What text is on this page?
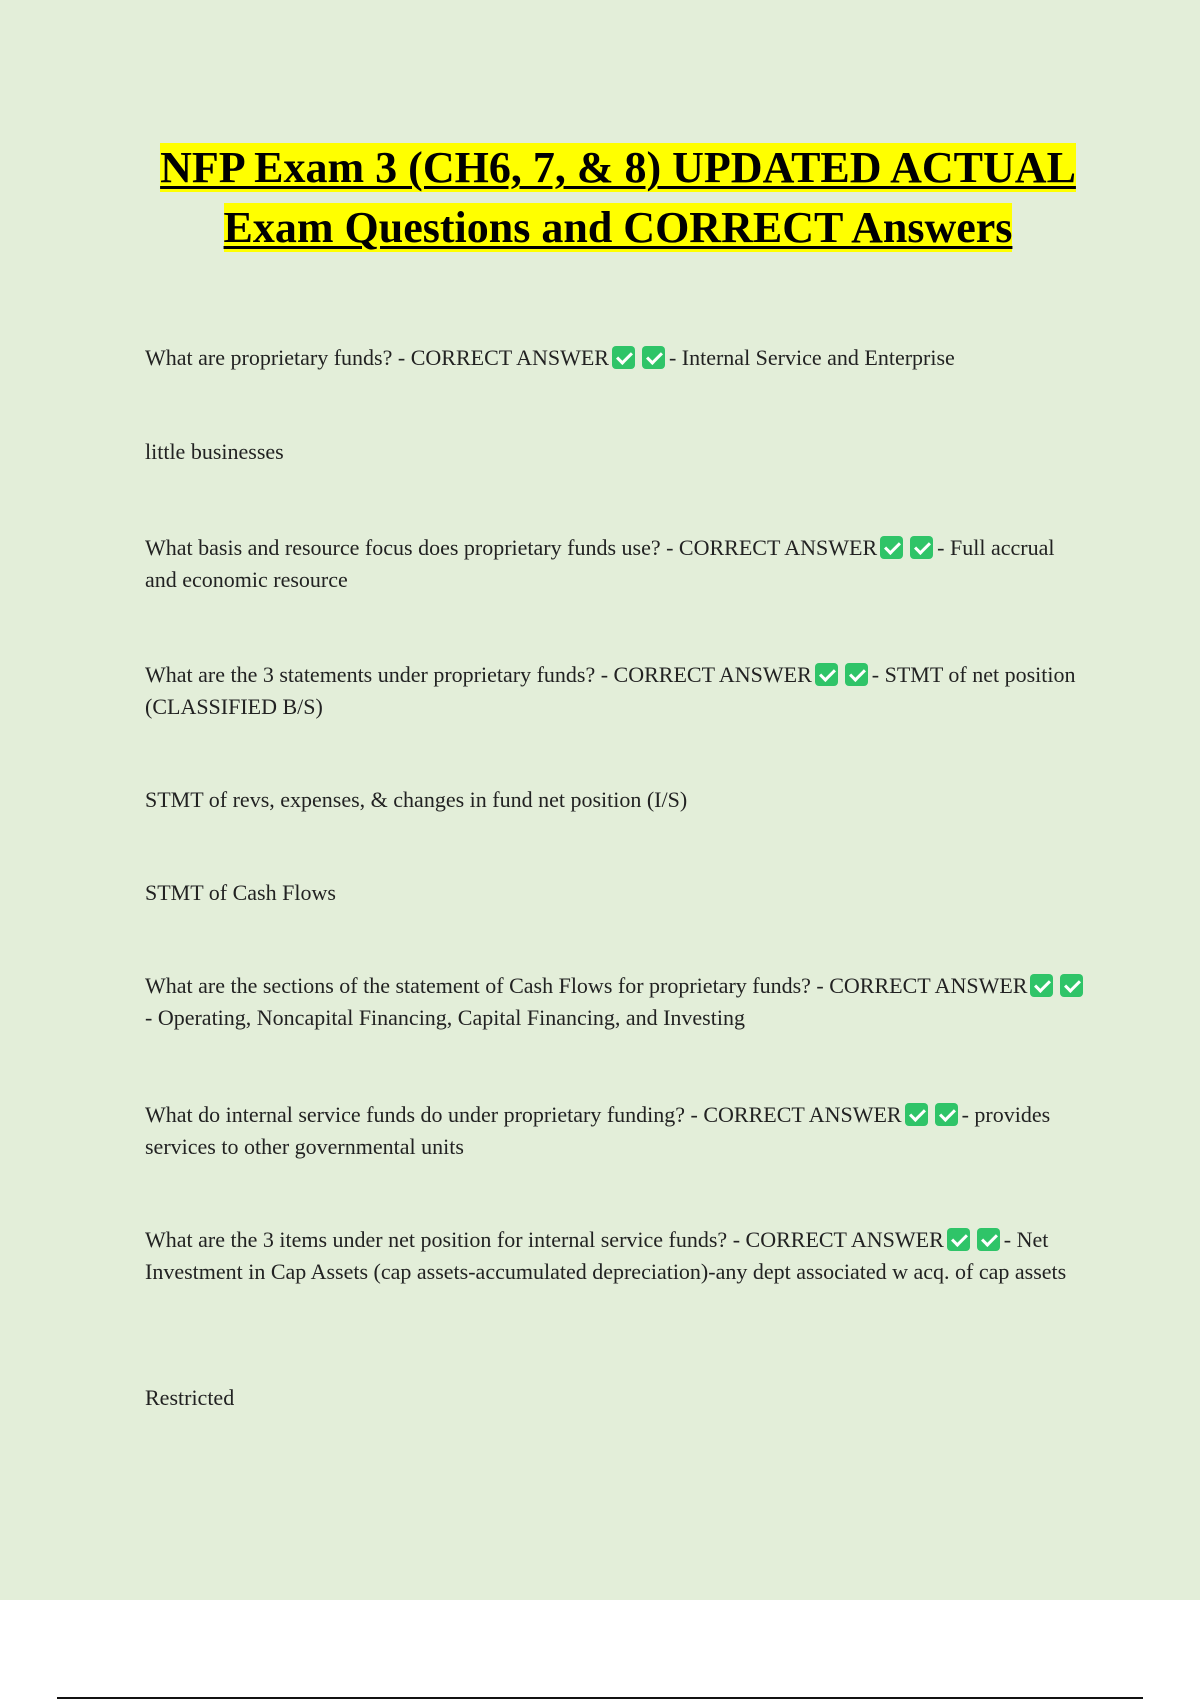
NFP Exam 3 (CH6, 7, & 8) UPDATED ACTUAL Exam Questions and CORRECT Answers

What are proprietary funds? - CORRECT ANSWER	- Internal Service and Enterprise

little businesses

What basis and resource focus does proprietary funds use? - CORRECT ANSWER	- Full accrual and economic resource

What are the 3 statements under proprietary funds? - CORRECT ANSWER	- STMT of net position (CLASSIFIED B/S)

STMT of revs, expenses, & changes in fund net position (I/S)

STMT of Cash Flows

What are the sections of the statement of Cash Flows for proprietary funds? - CORRECT ANSWER- Operating, Noncapital Financing, Capital Financing, and Investing

What do internal service funds do under proprietary funding? - CORRECT ANSWER	- provides services to other governmental units

What are the 3 items under net position for internal service funds? - CORRECT ANSWER	- Net Investment in Cap Assets (cap assets-accumulated depreciation)-any dept associated w acq. of cap assets

Restricted
